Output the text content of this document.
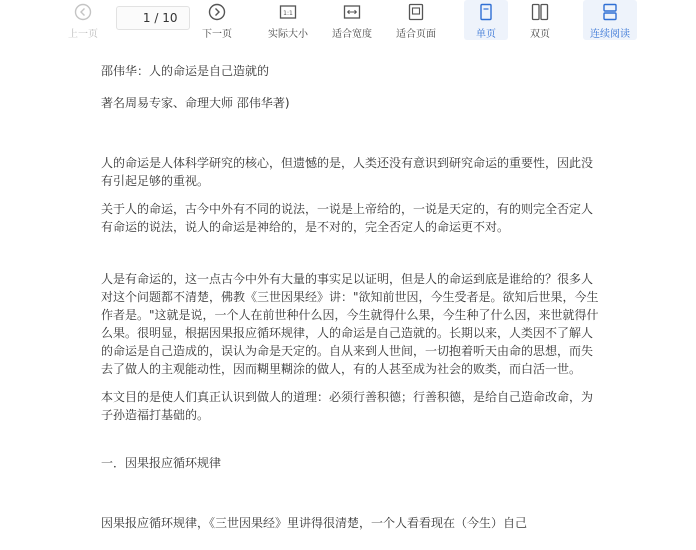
上一页
1 / 10
下一页
1:1
实际大小	适合宽度	适合页面	单页	双页	连续阅读

邵伟华：人的命运是自己造就的

著名周易专家、命理大师 邵伟华著)

人的命运是人体科学研究的核心，但遗憾的是，人类还没有意识到研究命运的重要性，因此没有引起足够的重视。

关于人的命运，古今中外有不同的说法，一说是上帝给的，一说是天定的，有的则完全否定人有命运的说法，说人的命运是神给的，是不对的，完全否定人的命运更不对。

人是有命运的，这一点古今中外有大量的事实足以证明，但是人的命运到底是谁给的？很多人对这个问题都不清楚，佛教《三世因果经》讲："欲知前世因，今生受者是。欲知后世果，今生作者是。"这就是说，一个人在前世种什么因，今生就得什么果，今生种了什么因，来世就得什么果。很明显，根据因果报应循环规律，人的命运是自己造就的。长期以来，人类因不了解人的命运是自己造成的，误认为命是天定的。自从来到人世间，一切抱着听天由命的思想，而失去了做人的主观能动性，因而糊里糊涂的做人，有的人甚至成为社会的败类，而白活一世。

本文目的是使人们真正认识到做人的道理：必须行善积德；行善积德，是给自己造命改命，为子孙造福打基础的。

一．因果报应循环规律

因果报应循环规律，《三世因果经》里讲得很清楚，一个人看看现在（今生）自己
